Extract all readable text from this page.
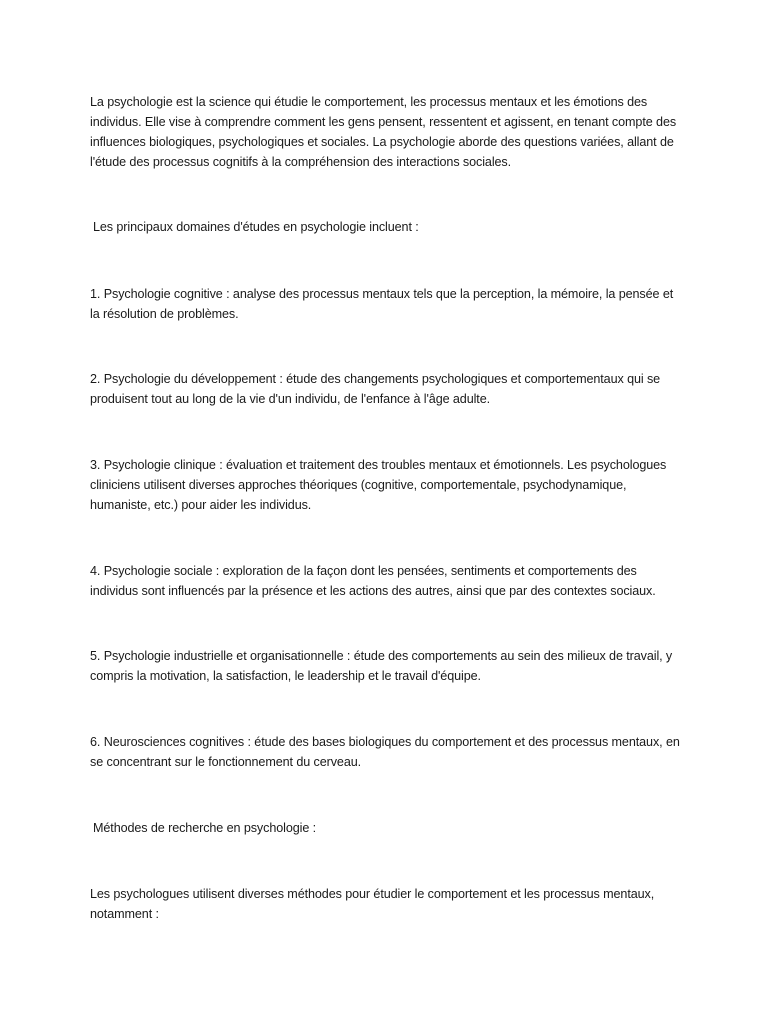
La psychologie est la science qui étudie le comportement, les processus mentaux et les émotions des individus. Elle vise à comprendre comment les gens pensent, ressentent et agissent, en tenant compte des influences biologiques, psychologiques et sociales. La psychologie aborde des questions variées, allant de l'étude des processus cognitifs à la compréhension des interactions sociales.

Les principaux domaines d'études en psychologie incluent :

1. Psychologie cognitive : analyse des processus mentaux tels que la perception, la mémoire, la pensée et la résolution de problèmes.

2. Psychologie du développement : étude des changements psychologiques et comportementaux qui se produisent tout au long de la vie d'un individu, de l'enfance à l'âge adulte.

3. Psychologie clinique : évaluation et traitement des troubles mentaux et émotionnels. Les psychologues cliniciens utilisent diverses approches théoriques (cognitive, comportementale, psychodynamique, humaniste, etc.) pour aider les individus.

4. Psychologie sociale : exploration de la façon dont les pensées, sentiments et comportements des individus sont influencés par la présence et les actions des autres, ainsi que par des contextes sociaux.

5. Psychologie industrielle et organisationnelle : étude des comportements au sein des milieux de travail, y compris la motivation, la satisfaction, le leadership et le travail d'équipe.

6. Neurosciences cognitives : étude des bases biologiques du comportement et des processus mentaux, en se concentrant sur le fonctionnement du cerveau.

Méthodes de recherche en psychologie :

Les psychologues utilisent diverses méthodes pour étudier le comportement et les processus mentaux, notamment :
